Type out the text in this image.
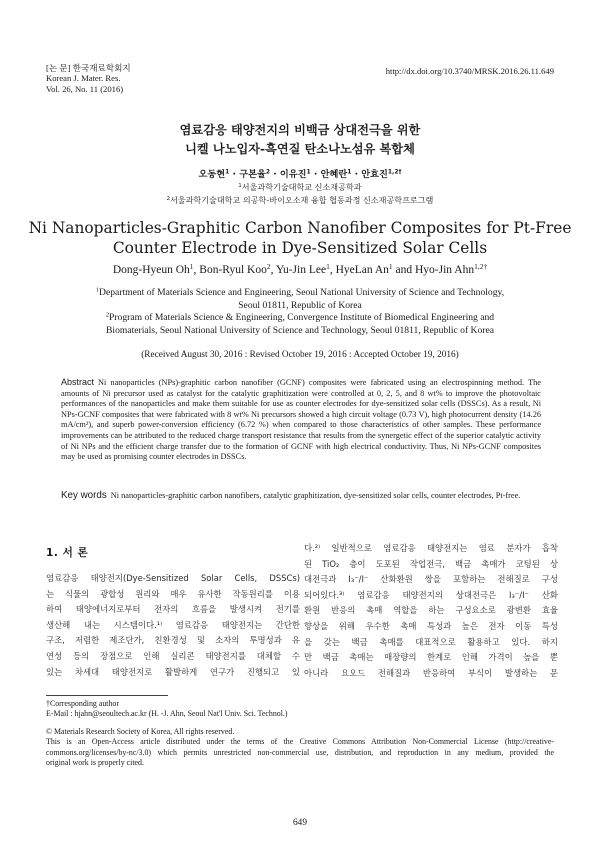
[논 문] 한국재료학회지
Korean J. Mater. Res.
Vol. 26, No. 11 (2016)
http://dx.doi.org/10.3740/MRSK.2016.26.11.649
염료감응 태양전지의 비백금 상대전극을 위한
니켈 나노입자-흑연질 탄소나노섬유 복합체
오동현$^1$ · 구본율$^2$ · 이유진$^1$ · 안혜란$^1$ · 안효진$^{1,2\dagger}$
$^1$서울과학기술대학교 신소재공학과
$^2$서울과학기술대학교 의공학-바이오소재 융합 협동과정 신소재공학프로그램
Ni Nanoparticles-Graphitic Carbon Nanofiber Composites for Pt-Free
Counter Electrode in Dye-Sensitized Solar Cells
Dong-Hyeun Oh$^1$, Bon-Ryul Koo$^2$, Yu-Jin Lee$^1$, HyeLan An$^1$ and Hyo-Jin Ahn$^{1,2\dagger}$
$^1$Department of Materials Science and Engineering, Seoul National University of Science and Technology,
Seoul 01811, Republic of Korea
$^2$Program of Materials Science & Engineering, Convergence Institute of Biomedical Engineering and
Biomaterials, Seoul National University of Science and Technology, Seoul 01811, Republic of Korea
(Received August 30, 2016 : Revised October 19, 2016 : Accepted October 19, 2016)
Abstract Ni nanoparticles (NPs)-graphitic carbon nanofiber (GCNF) composites were fabricated using an electrospinning method. The amounts of Ni precursor used as catalyst for the catalytic graphitization were controlled at 0, 2, 5, and 8 wt% to improve the photovoltaic performances of the nanoparticles and make them suitable for use as counter electrodes for dye-sensitized solar cells (DSSCs). As a result, Ni NPs-GCNF composites that were fabricated with 8 wt% Ni precursors showed a high circuit voltage (0.73 V), high photocurrent density (14.26 mA/cm²), and superb power-conversion efficiency (6.72 %) when compared to those characteristics of other samples. These performance improvements can be attributed to the reduced charge transport resistance that results from the synergetic effect of the superior catalytic activity of Ni NPs and the efficient charge transfer due to the formation of GCNF with high electrical conductivity. Thus, Ni NPs-GCNF composites may be used as promising counter electrodes in DSSCs.
Key words Ni nanoparticles-graphitic carbon nanofibers, catalytic graphitization, dye-sensitized solar cells, counter electrodes, Pt-free.
1. 서 론
염료감응 태양전지(Dye-Sensitized Solar Cells, DSSCs)
는 식물의 광합성 원리와 매우 유사한 작동원리를 이용
하여 태양에너지로부터 전자의 흐름을 발생시켜 전기를
생산해 내는 시스템이다.¹⁾ 염료감응 태양전지는 간단한
구조, 저렴한 제조단가, 친환경성 및 소자의 투명성과 유
연성 등의 장점으로 인해 실리콘 태양전지를 대체할 수
있는 차세대 태양전지로 활발하게 연구가 진행되고 있
다.²⁾ 일반적으로 염료감응 태양전지는 염료 분자가 흡착
된 TiO₂ 층이 도포된 작업전극, 백금 촉매가 코팅된 상
대전극과 I₃⁻/I⁻ 산화환원 쌍을 포함하는 전해질로 구성
되어있다.³⁾ 염료감응 태양전지의 상대전극은 I₃⁻/I⁻ 산화
환원 반응의 촉매 역할을 하는 구성요소로 광변환 효율
향상을 위해 우수한 촉매 특성과 높은 전자 이동 특성
을 갖는 백금 촉매를 대표적으로 활용하고 있다. 하지
만 백금 촉매는 매장량의 한계로 인해 가격이 높을 뿐
아니라 요오드 전해질과 반응하여 부식이 발생하는 문
†Corresponding author
E-Mail : hjahn@seoultech.ac.kr (H. -J. Ahn, Seoul Nat'l Univ. Sci. Technol.)
© Materials Research Society of Korea, All rights reserved.
This is an Open-Access article distributed under the terms of the Creative Commons Attribution Non-Commercial License (http://creative-
commons.org/licenses/by-nc/3.0) which permits unrestricted non-commercial use, distribution, and reproduction in any medium, provided the
original work is properly cited.
649
